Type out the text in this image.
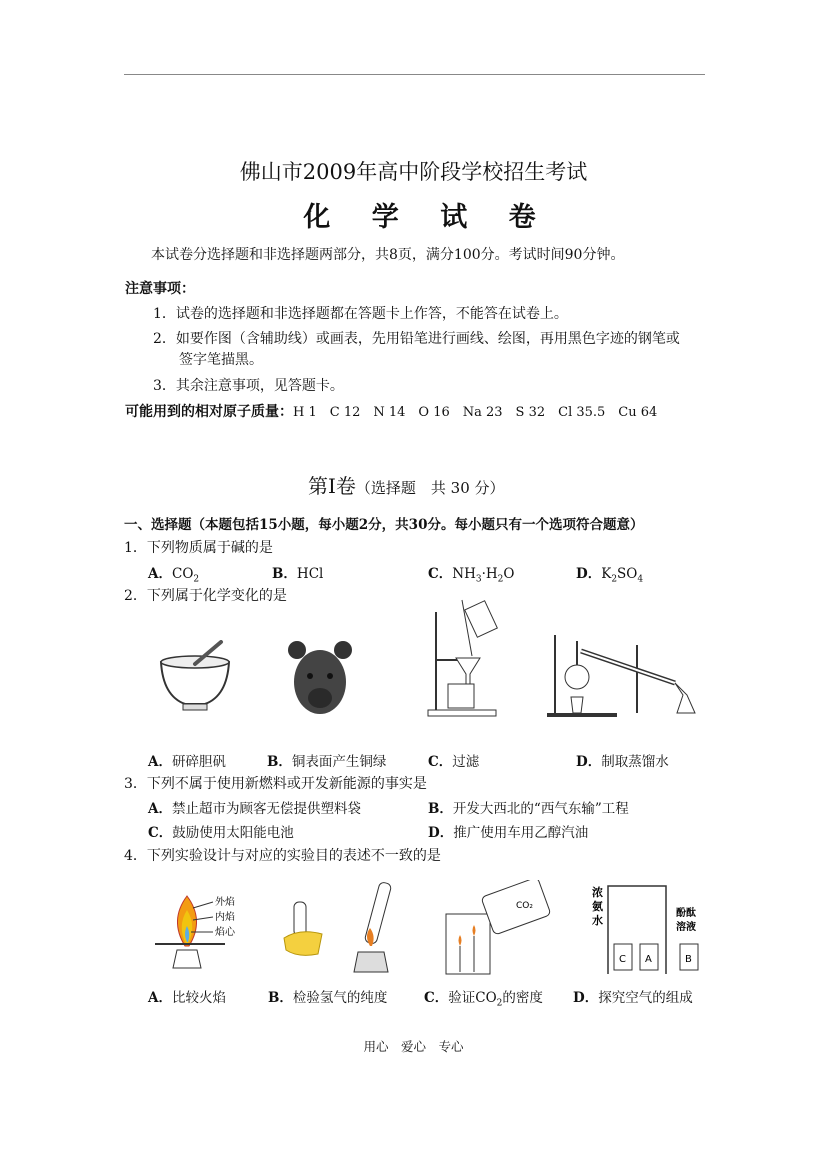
佛山市2009年高中阶段学校招生考试
化 学 试 卷
本试卷分选择题和非选择题两部分，共8页，满分100分。考试时间90分钟。
注意事项：
1．试卷的选择题和非选择题都在答题卡上作答，不能答在试卷上。
2．如要作图（含辅助线）或画表，先用铅笔进行画线、绘图，再用黑色字迹的钢笔或
签字笔描黑。
3．其余注意事项，见答题卡。
可能用到的相对原子质量：H 1　C 12　N 14　O 16　Na 23　S 32　Cl 35.5　Cu 64
第Ⅰ卷（选择题　共 30 分）
一、选择题（本题包括15小题，每小题2分，共30分。每小题只有一个选项符合题意）
1．下列物质属于碱的是
A．$CO_2$	B．HCl	C．$NH_3\cdot H_2O$	D．$K_2SO_4$
2．下列属于化学变化的是
A．研碎胆矾	B．铜表面产生铜绿	C．过滤	D．制取蒸馏水
3．下列不属于使用新燃料或开发新能源的事实是
A．禁止超市为顾客无偿提供塑料袋	B．开发大西北的“西气东输”工程
C．鼓励使用太阳能电池	D．推广使用车用乙醇汽油
4．下列实验设计与对应的实验目的表述不一致的是
外焰
内焰
焰心
CO₂
C A	B
浓
氨
水
酚酞
溶液
A．比较火焰	B．检验氢气的纯度	C．验证$CO_2$的密度 D．探究空气的组成
用心　爱心　专心
